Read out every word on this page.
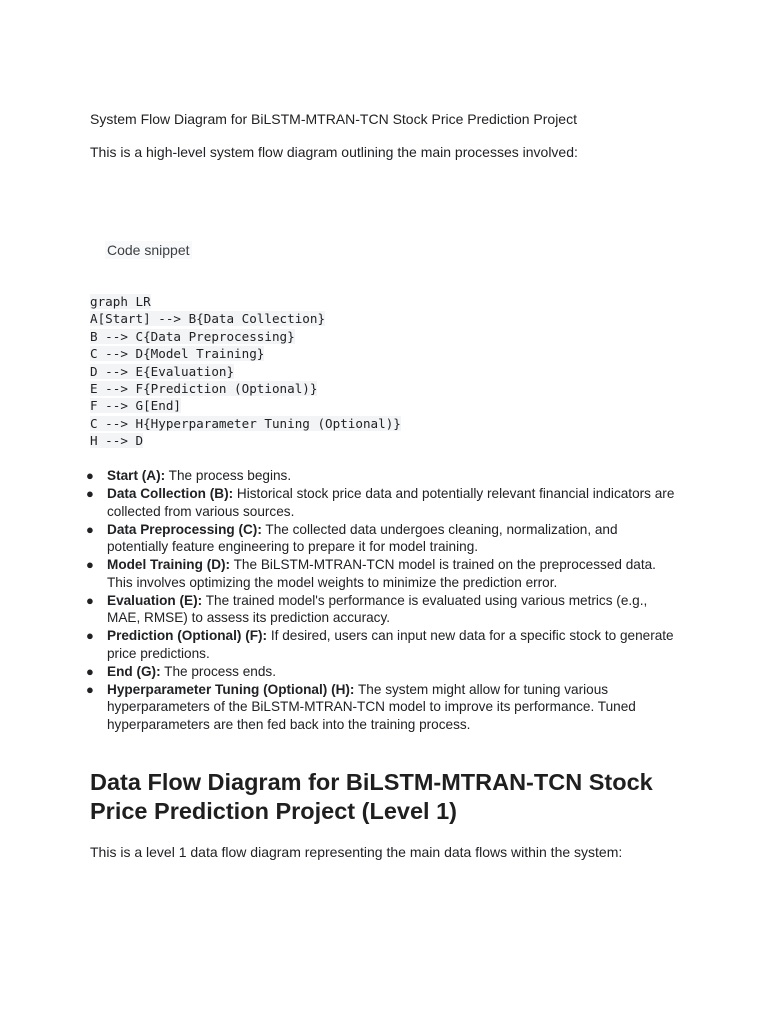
System Flow Diagram for BiLSTM-MTRAN-TCN Stock Price Prediction Project
This is a high-level system flow diagram outlining the main processes involved:
Code snippet
graph LR
A[Start] --> B{Data Collection}
B --> C{Data Preprocessing}
C --> D{Model Training}
D --> E{Evaluation}
E --> F{Prediction (Optional)}
F --> G[End]
C --> H{Hyperparameter Tuning (Optional)}
H --> D
● Start (A): The process begins.
● Data Collection (B): Historical stock price data and potentially relevant financial indicators are collected from various sources.
● Data Preprocessing (C): The collected data undergoes cleaning, normalization, and potentially feature engineering to prepare it for model training.
● Model Training (D): The BiLSTM-MTRAN-TCN model is trained on the preprocessed data. This involves optimizing the model weights to minimize the prediction error.
● Evaluation (E): The trained model's performance is evaluated using various metrics (e.g., MAE, RMSE) to assess its prediction accuracy.
● Prediction (Optional) (F): If desired, users can input new data for a specific stock to generate price predictions.
● End (G): The process ends.
● Hyperparameter Tuning (Optional) (H): The system might allow for tuning various hyperparameters of the BiLSTM-MTRAN-TCN model to improve its performance. Tuned hyperparameters are then fed back into the training process.
Data Flow Diagram for BiLSTM-MTRAN-TCN Stock Price Prediction Project (Level 1)
This is a level 1 data flow diagram representing the main data flows within the system:
